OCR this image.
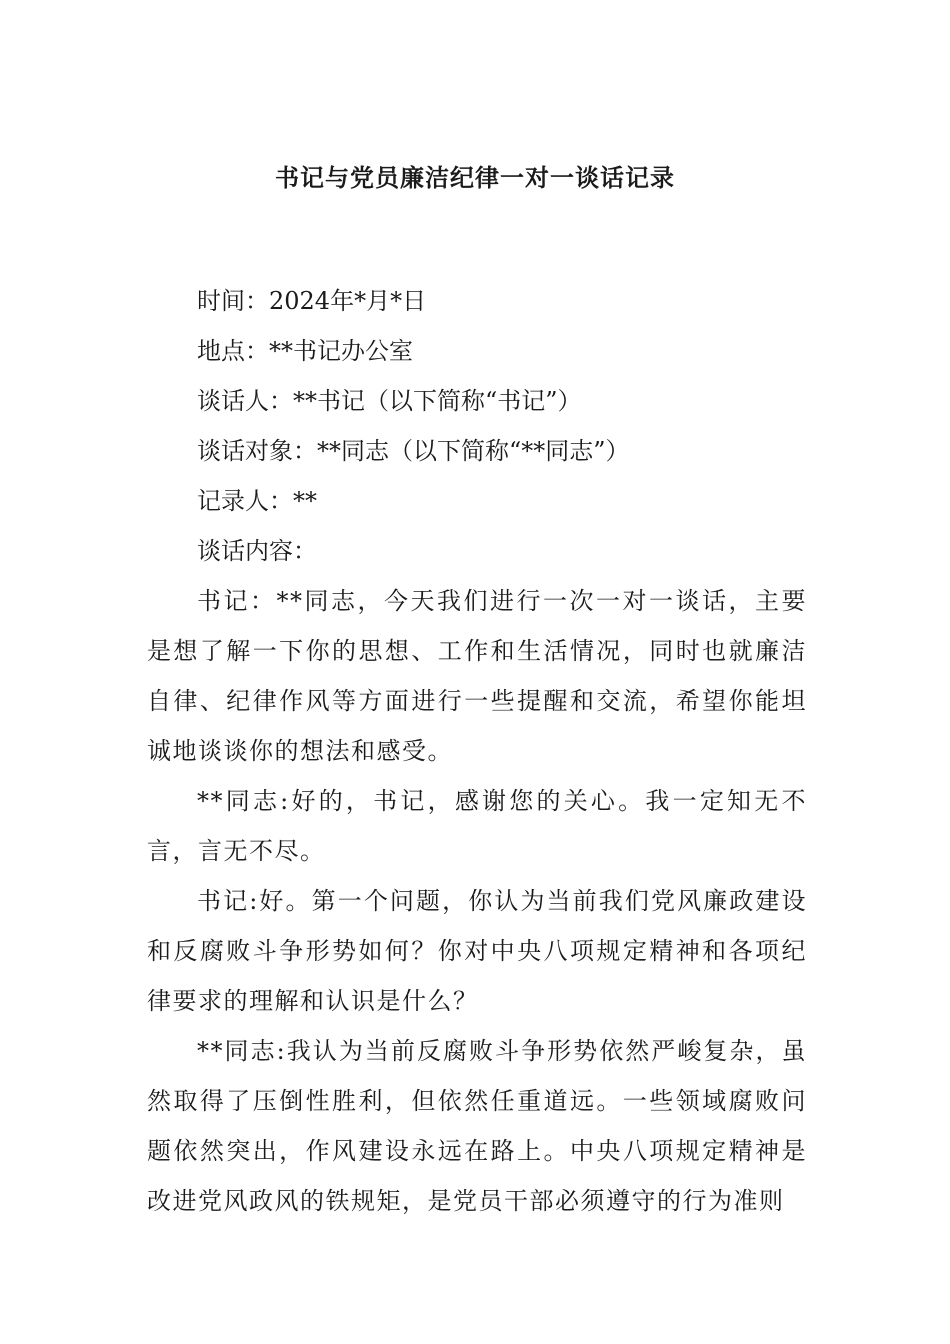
书记与党员廉洁纪律一对一谈话记录

时间：2024年*月*日

地点：**书记办公室

谈话人：**书记（以下简称“书记”）

谈话对象：**同志（以下简称“**同志”）

记录人：**

谈话内容：

书记：**同志，今天我们进行一次一对一谈话，主要是想了解一下你的思想、工作和生活情况，同时也就廉洁自律、纪律作风等方面进行一些提醒和交流，希望你能坦诚地谈谈你的想法和感受。

**同志:好的，书记，感谢您的关心。我一定知无不言，言无不尽。

书记:好。第一个问题，你认为当前我们党风廉政建设和反腐败斗争形势如何？你对中央八项规定精神和各项纪律要求的理解和认识是什么？

**同志:我认为当前反腐败斗争形势依然严峻复杂，虽然取得了压倒性胜利，但依然任重道远。一些领域腐败问题依然突出，作风建设永远在路上。中央八项规定精神是改进党风政风的铁规矩，是党员干部必须遵守的行为准则
